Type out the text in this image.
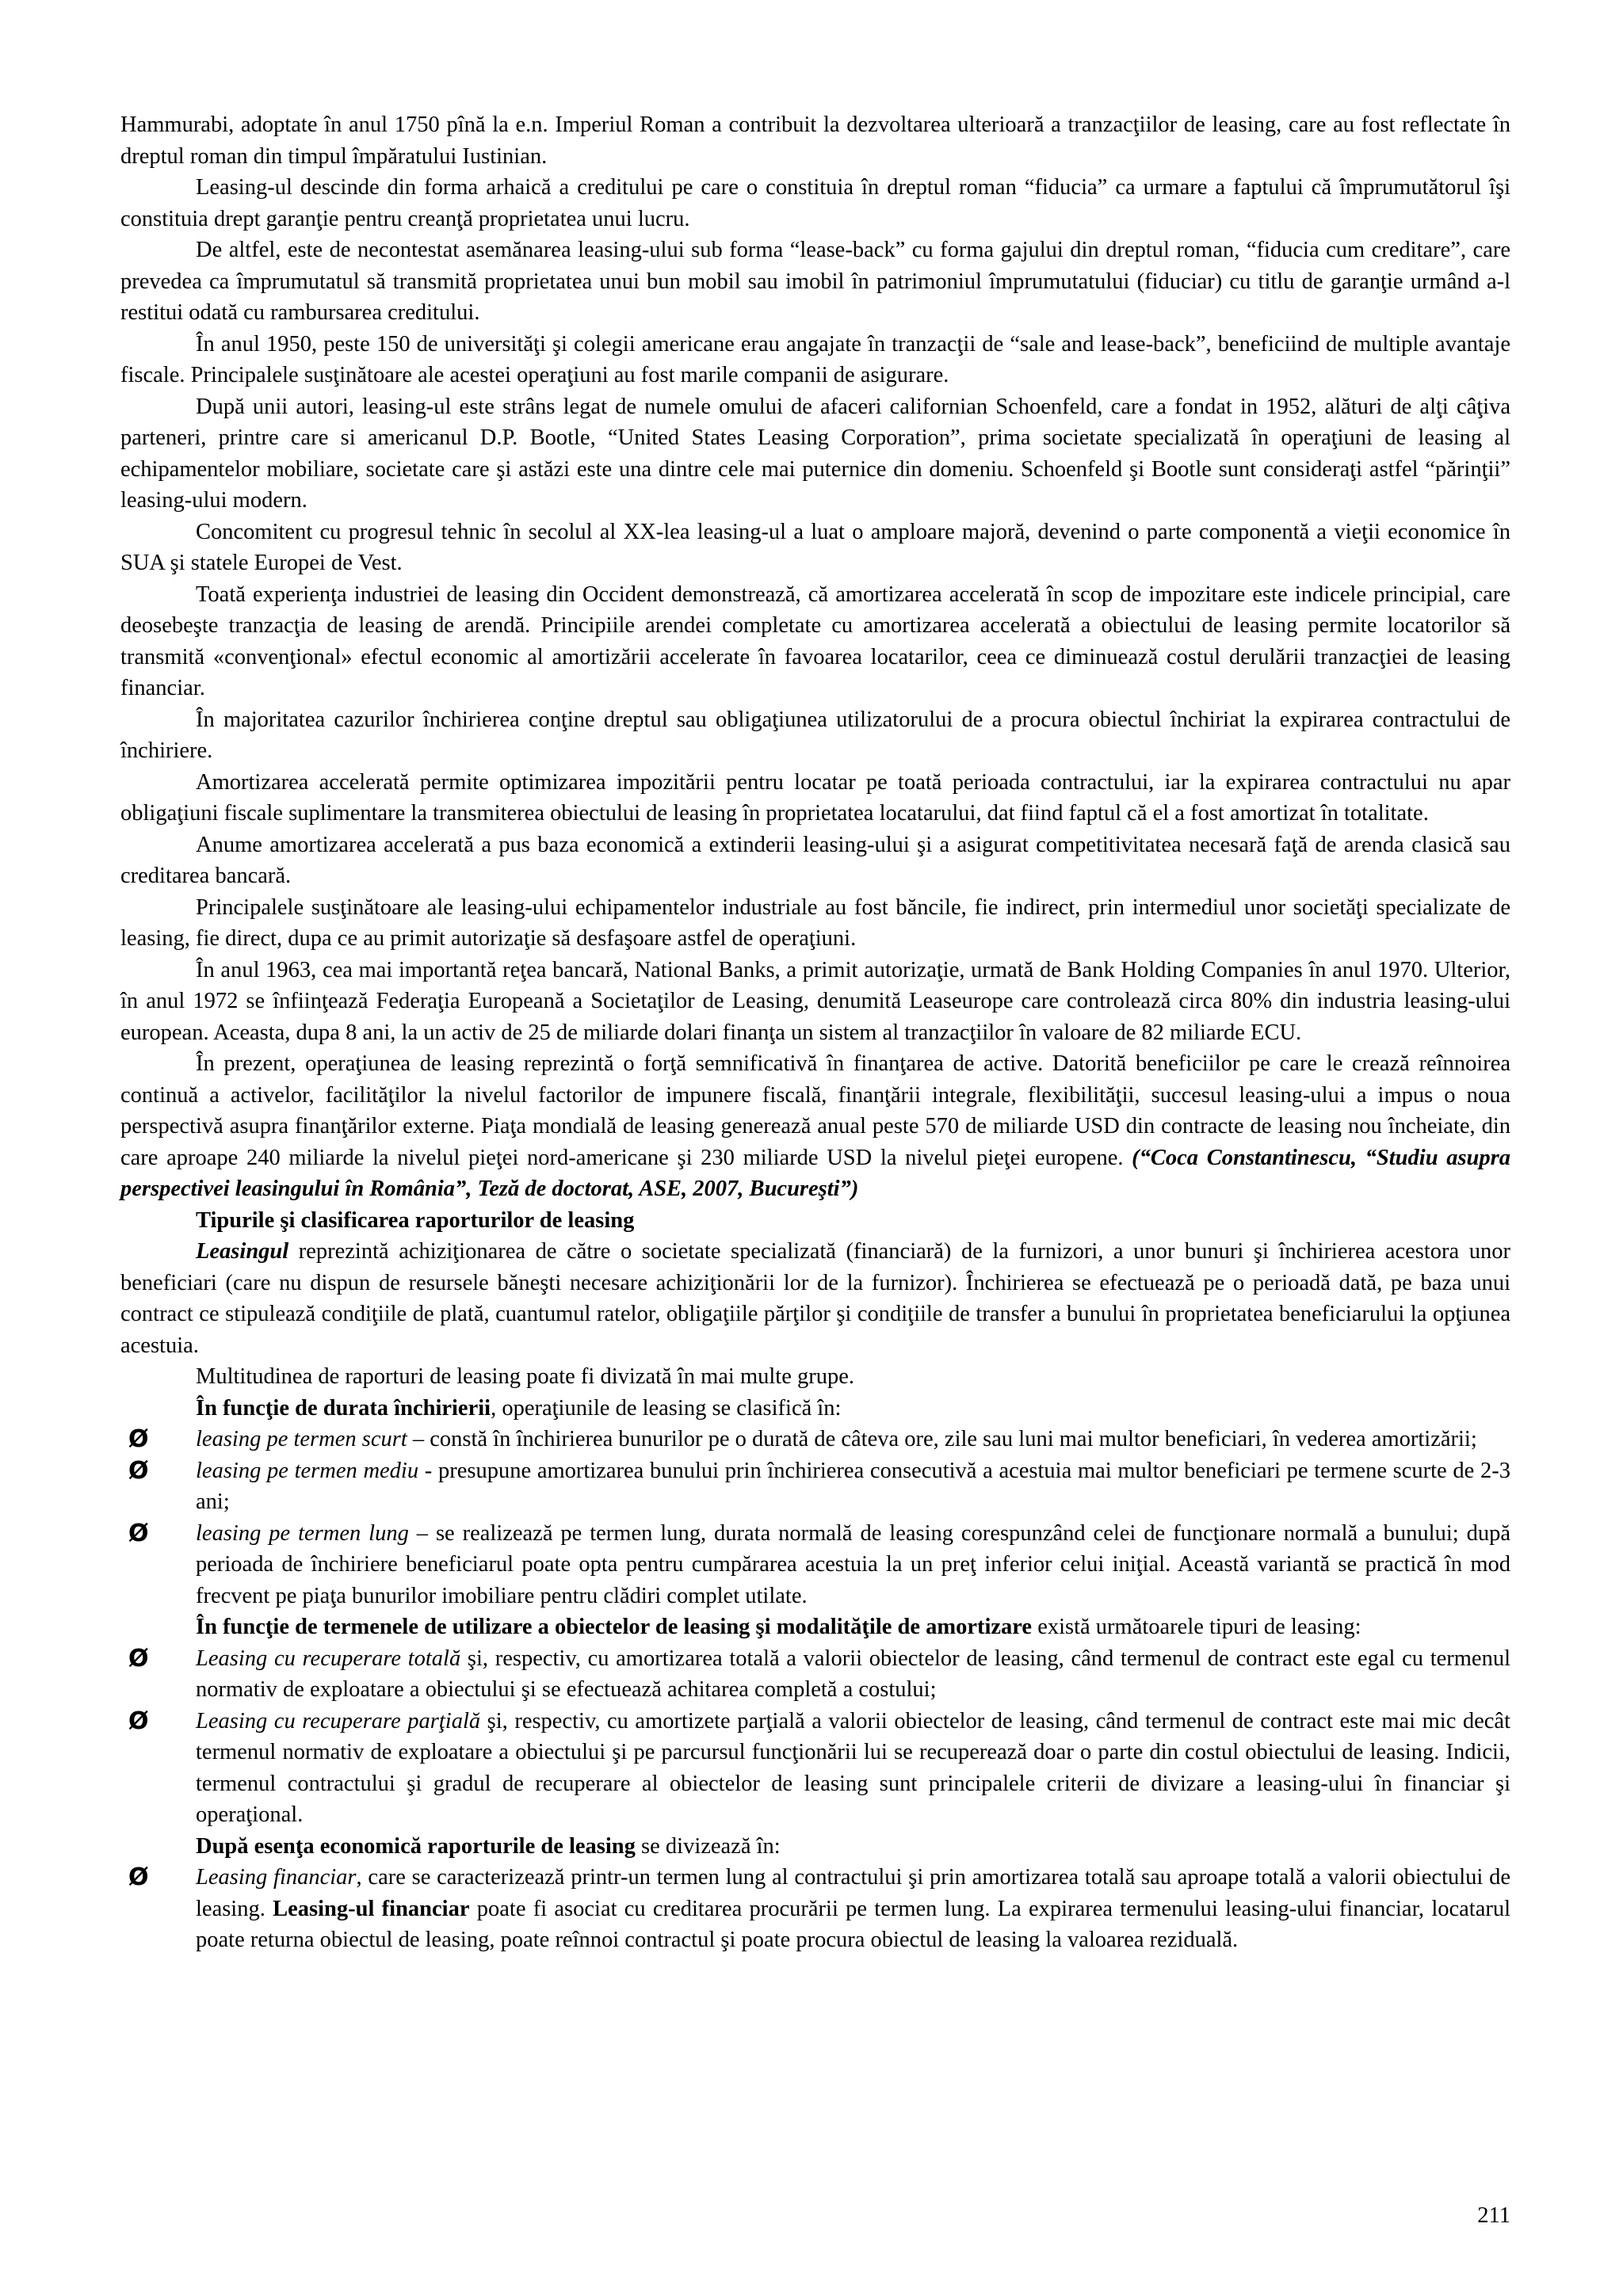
Hammurabi, adoptate în anul 1750 pînă la e.n. Imperiul Roman a contribuit la dezvoltarea ulterioară a tranzacţiilor de leasing, care au fost reflectate în dreptul roman din timpul împăratului Iustinian.

Leasing-ul descinde din forma arhaică a creditului pe care o constituia în dreptul roman “fiducia” ca urmare a faptului că împrumutătorul îşi constituia drept garanţie pentru creanţă proprietatea unui lucru.

De altfel, este de necontestat asemănarea leasing-ului sub forma “lease-back” cu forma gajului din dreptul roman, “fiducia cum creditare”, care prevedea ca împrumutatul să transmită proprietatea unui bun mobil sau imobil în patrimoniul împrumutatului (fiduciar) cu titlu de garanţie urmând a-l restitui odată cu rambursarea creditului.

În anul 1950, peste 150 de universităţi şi colegii americane erau angajate în tranzacţii de “sale and lease-back”, beneficiind de multiple avantaje fiscale. Principalele susţinătoare ale acestei operaţiuni au fost marile companii de asigurare.

După unii autori, leasing-ul este strâns legat de numele omului de afaceri californian Schoenfeld, care a fondat in 1952, alături de alţi câţiva parteneri, printre care si americanul D.P. Bootle, “United States Leasing Corporation”, prima societate specializată în operaţiuni de leasing al echipamentelor mobiliare, societate care şi astăzi este una dintre cele mai puternice din domeniu. Schoenfeld şi Bootle sunt consideraţi astfel “părinţii” leasing-ului modern.

Concomitent cu progresul tehnic în secolul al XX-lea leasing-ul a luat o amploare majoră, devenind o parte componentă a vieţii economice în SUA şi statele Europei de Vest.

Toată experienţa industriei de leasing din Occident demonstrează, că amortizarea accelerată în scop de impozitare este indicele principial, care deosebeşte tranzacţia de leasing de arendă. Principiile arendei completate cu amortizarea accelerată a obiectului de leasing permite locatorilor să transmită «convenţional» efectul economic al amortizării accelerate în favoarea locatarilor, ceea ce diminuează costul derulării tranzacţiei de leasing financiar.

În majoritatea cazurilor închirierea conţine dreptul sau obligaţiunea utilizatorului de a procura obiectul închiriat la expirarea contractului de închiriere.

Amortizarea accelerată permite optimizarea impozitării pentru locatar pe toată perioada contractului, iar la expirarea contractului nu apar obligaţiuni fiscale suplimentare la transmiterea obiectului de leasing în proprietatea locatarului, dat fiind faptul că el a fost amortizat în totalitate.

Anume amortizarea accelerată a pus baza economică a extinderii leasing-ului şi a asigurat competitivitatea necesară faţă de arenda clasică sau creditarea bancară.

Principalele susţinătoare ale leasing-ului echipamentelor industriale au fost băncile, fie indirect, prin intermediul unor societăţi specializate de leasing, fie direct, dupa ce au primit autorizaţie să desfaşoare astfel de operaţiuni.

În anul 1963, cea mai importantă reţea bancară, National Banks, a primit autorizaţie, urmată de Bank Holding Companies în anul 1970. Ulterior, în anul 1972 se înfiinţează Federaţia Europeană a Societaţilor de Leasing, denumită Leaseurope care controlează circa 80% din industria leasing-ului european. Aceasta, dupa 8 ani, la un activ de 25 de miliarde dolari finanţa un sistem al tranzacţiilor în valoare de 82 miliarde ECU.

În prezent, operaţiunea de leasing reprezintă o forţă semnificativă în finanţarea de active. Datorită beneficiilor pe care le crează reînnoirea continuă a activelor, facilităţilor la nivelul factorilor de impunere fiscală, finanţării integrale, flexibilităţii, succesul leasing-ului a impus o noua perspectivă asupra finanţărilor externe. Piaţa mondială de leasing generează anual peste 570 de miliarde USD din contracte de leasing nou încheiate, din care aproape 240 miliarde la nivelul pieţei nord-americane şi 230 miliarde USD la nivelul pieţei europene. (“Coca Constantinescu, “Studiu asupra perspectivei leasingului în România”, Teză de doctorat, ASE, 2007, Bucureşti”)

Tipurile şi clasificarea raporturilor de leasing

Leasingul reprezintă achiziţionarea de către o societate specializată (financiară) de la furnizori, a unor bunuri şi închirierea acestora unor beneficiari (care nu dispun de resursele băneşti necesare achiziţionării lor de la furnizor). Închirierea se efectuează pe o perioadă dată, pe baza unui contract ce stipulează condiţiile de plată, cuantumul ratelor, obligaţiile părţilor şi condiţiile de transfer a bunului în proprietatea beneficiarului la opţiunea acestuia.

Multitudinea de raporturi de leasing poate fi divizată în mai multe grupe.

În funcţie de durata închirierii, operaţiunile de leasing se clasifică în:

Ø leasing pe termen scurt – constă în închirierea bunurilor pe o durată de câteva ore, zile sau luni mai multor beneficiari, în vederea amortizării;
Ø leasing pe termen mediu - presupune amortizarea bunului prin închirierea consecutivă a acestuia mai multor beneficiari pe termene scurte de 2-3 ani;
Ø leasing pe termen lung – se realizează pe termen lung, durata normală de leasing corespunzând celei de funcţionare normală a bunului; după perioada de închiriere beneficiarul poate opta pentru cumpărarea acestuia la un preţ inferior celui iniţial. Această variantă se practică în mod frecvent pe piaţa bunurilor imobiliare pentru clădiri complet utilate.

În funcţie de termenele de utilizare a obiectelor de leasing şi modalităţile de amortizare există următoarele tipuri de leasing:

Ø Leasing cu recuperare totală şi, respectiv, cu amortizarea totală a valorii obiectelor de leasing, când termenul de contract este egal cu termenul normativ de exploatare a obiectului şi se efectuează achitarea completă a costului;
Ø Leasing cu recuperare parţială şi, respectiv, cu amortizete parţială a valorii obiectelor de leasing, când termenul de contract este mai mic decât termenul normativ de exploatare a obiectului şi pe parcursul funcţionării lui se recuperează doar o parte din costul obiectului de leasing. Indicii, termenul contractului şi gradul de recuperare al obiectelor de leasing sunt principalele criterii de divizare a leasing-ului în financiar şi operaţional.

După esenţa economică raporturile de leasing se divizează în:

Ø Leasing financiar, care se caracterizează printr-un termen lung al contractului şi prin amortizarea totală sau aproape totală a valorii obiectului de leasing. Leasing-ul financiar poate fi asociat cu creditarea procurării pe termen lung. La expirarea termenului leasing-ului financiar, locatarul poate returna obiectul de leasing, poate reînnoi contractul şi poate procura obiectul de leasing la valoarea reziduală.
211
